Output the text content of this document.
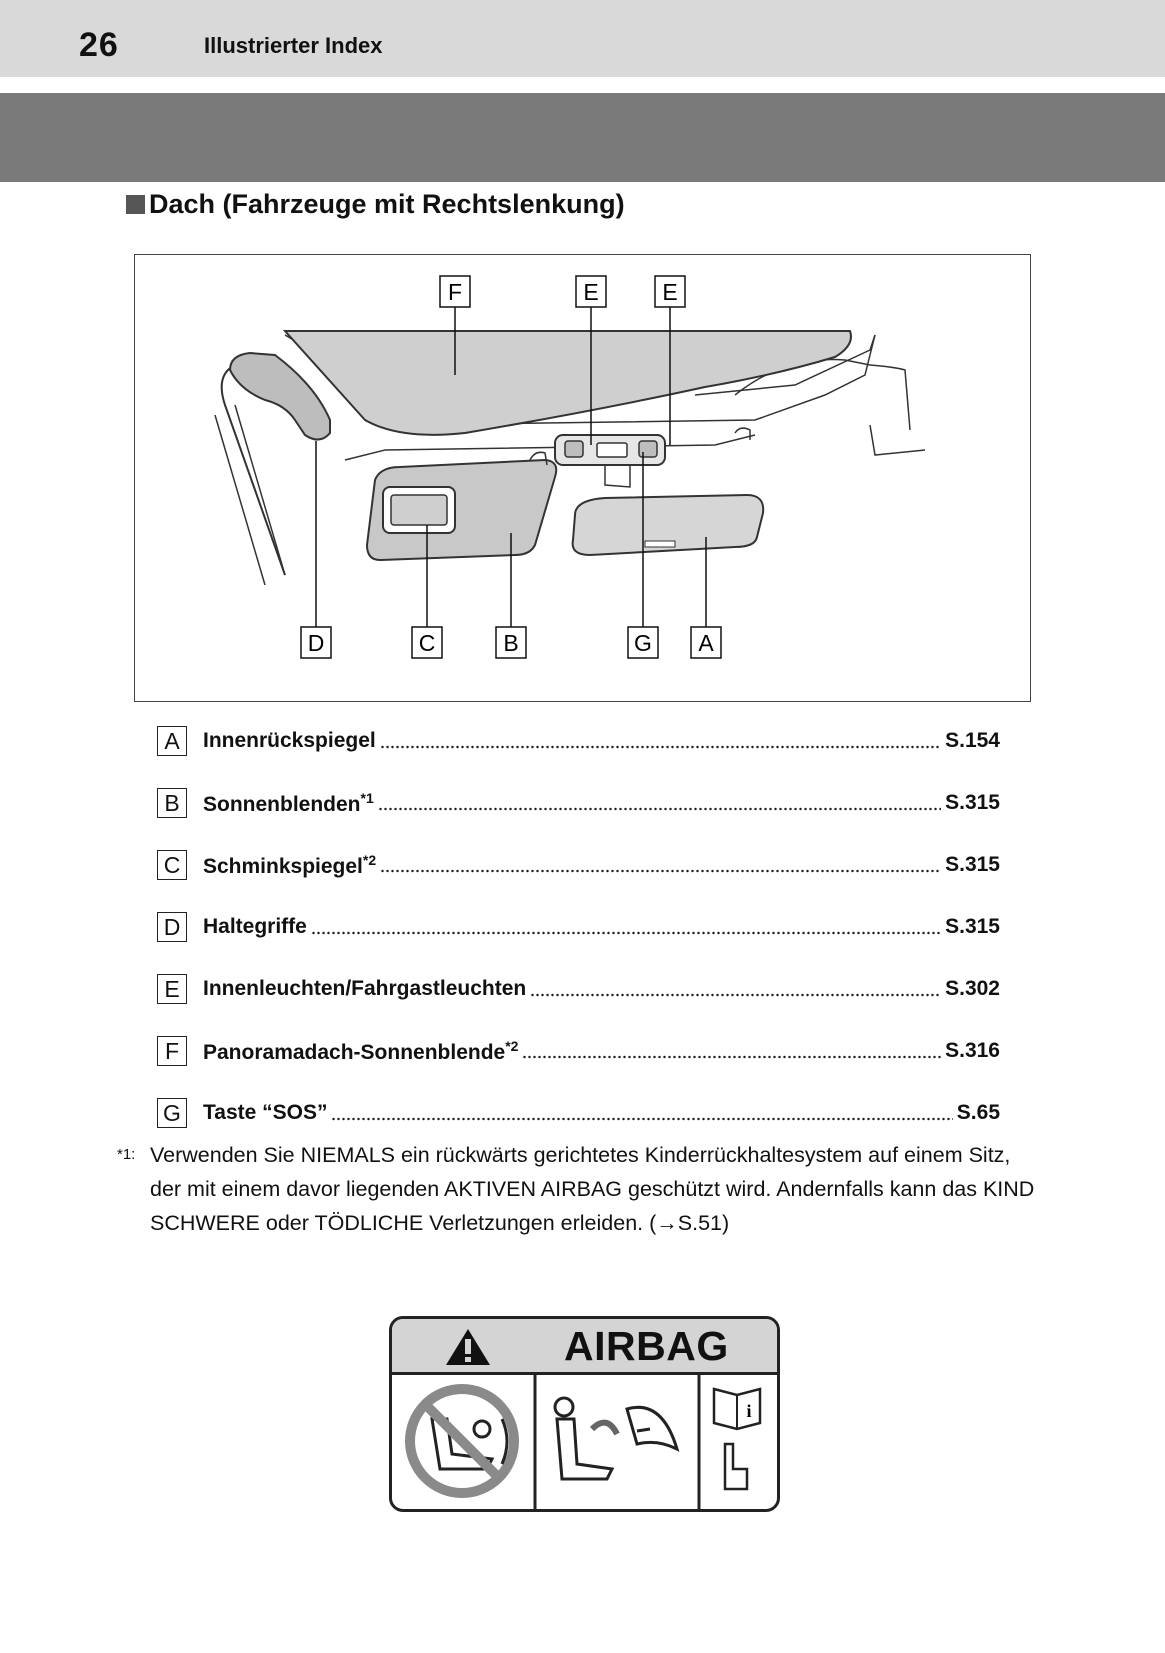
26	Illustrierter Index
Dach (Fahrzeuge mit Rechtslenkung)
F	E	E
D	C	B	G A
A	Innenrückspiegel	S.154
B	Sonnenblenden$^{*1}$	S.315
C	Schminkspiegel$^{*2}$	S.315
D	Haltegriffe	S.315
E	Innenleuchten/Fahrgastleuchten	S.302
F	Panoramadach-Sonnenblende$^{*2}$	S.316
G Taste “SOS”	S.65
*1: Verwenden Sie NIEMALS ein rückwärts gerichtetes Kinderrückhaltesystem auf einem Sitz, der mit einem davor liegenden AKTIVEN AIRBAG geschützt wird. Andernfalls kann das KIND SCHWERE oder TÖDLICHE Verletzungen erleiden. (→S.51)
i
AIRBAG
